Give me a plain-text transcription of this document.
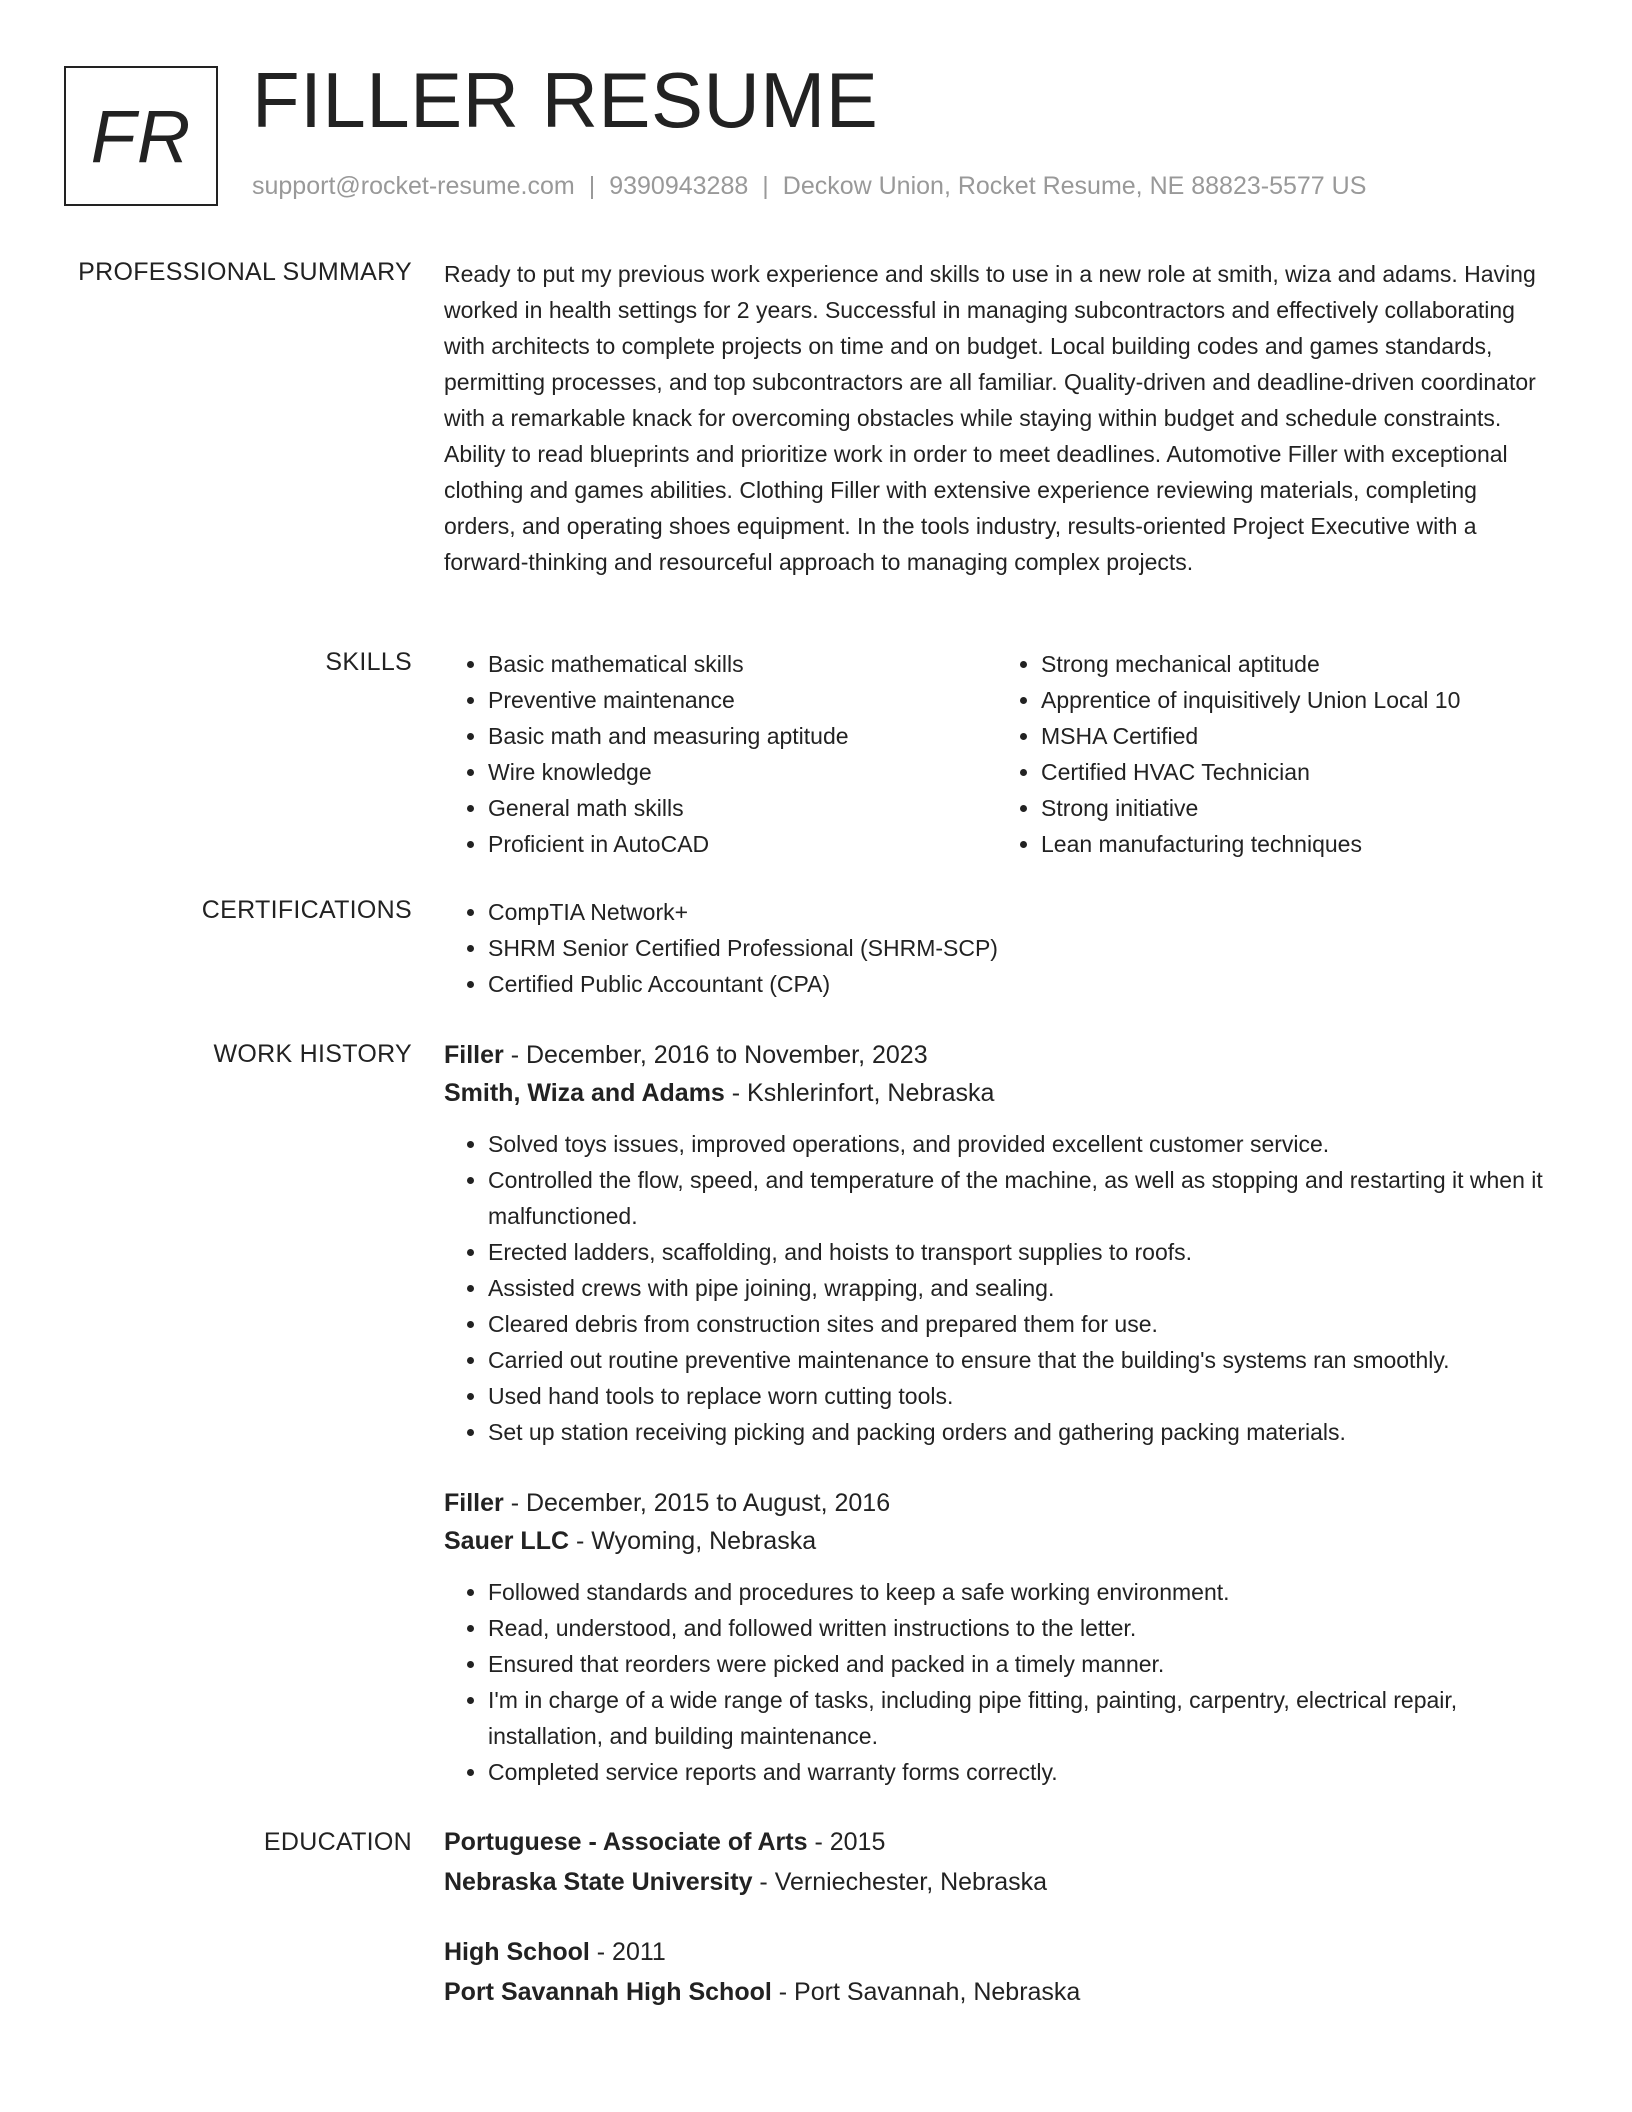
FR FILLER RESUME
support@rocket-resume.com | 9390943288 | Deckow Union, Rocket Resume, NE 88823-5577 US
PROFESSIONAL SUMMARY Ready to put my previous work experience and skills to use in a new role at smith, wiza and adams. Having worked in health settings for 2 years. Successful in managing subcontractors and effectively collaborating with architects to complete projects on time and on budget. Local building codes and games standards, permitting processes, and top subcontractors are all familiar. Quality-driven and deadline-driven coordinator with a remarkable knack for overcoming obstacles while staying within budget and schedule constraints. Ability to read blueprints and prioritize work in order to meet deadlines. Automotive Filler with exceptional clothing and games abilities. Clothing Filler with extensive experience reviewing materials, completing orders, and operating shoes equipment. In the tools industry, results-oriented Project Executive with a forward-thinking and resourceful approach to managing complex projects.
SKILLS	• Basic mathematical skills
• Preventive maintenance
• Basic math and measuring aptitude
• Wire knowledge
• General math skills
• Proficient in AutoCAD
• Strong mechanical aptitude
• Apprentice of inquisitively Union Local 10
• MSHA Certified
• Certified HVAC Technician
• Strong initiative
• Lean manufacturing techniques
CERTIFICATIONS	• CompTIA Network+
• SHRM Senior Certified Professional (SHRM-SCP)
• Certified Public Accountant (CPA)
WORK HISTORY Filler - December, 2016 to November, 2023
Smith, Wiza and Adams - Kshlerinfort, Nebraska
• Solved toys issues, improved operations, and provided excellent customer service.
• Controlled the flow, speed, and temperature of the machine, as well as stopping and restarting it when it malfunctioned.
• Erected ladders, scaffolding, and hoists to transport supplies to roofs.
• Assisted crews with pipe joining, wrapping, and sealing.
• Cleared debris from construction sites and prepared them for use.
• Carried out routine preventive maintenance to ensure that the building's systems ran smoothly.
• Used hand tools to replace worn cutting tools.
• Set up station receiving picking and packing orders and gathering packing materials.
Filler - December, 2015 to August, 2016
Sauer LLC - Wyoming, Nebraska
• Followed standards and procedures to keep a safe working environment.
• Read, understood, and followed written instructions to the letter.
• Ensured that reorders were picked and packed in a timely manner.
• I'm in charge of a wide range of tasks, including pipe fitting, painting, carpentry, electrical repair, installation, and building maintenance.
• Completed service reports and warranty forms correctly.
EDUCATION Portuguese - Associate of Arts - 2015
Nebraska State University - Verniechester, Nebraska
High School - 2011
Port Savannah High School - Port Savannah, Nebraska
